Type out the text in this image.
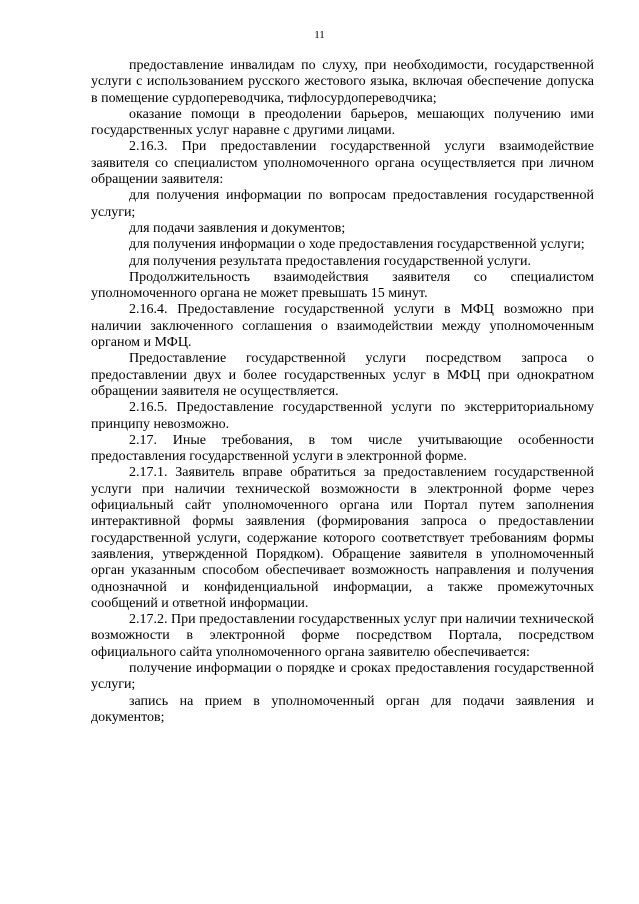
11

предоставление инвалидам по слуху, при необходимости, государственной услуги с использованием русского жестового языка, включая обеспечение допуска в помещение сурдопереводчика, тифлосурдопереводчика;

оказание помощи в преодолении барьеров, мешающих получению ими государственных услуг наравне с другими лицами.

2.16.3. При предоставлении государственной услуги взаимодействие заявителя со специалистом уполномоченного органа осуществляется при личном обращении заявителя:

для получения информации по вопросам предоставления государственной услуги;

для подачи заявления и документов;

для получения информации о ходе предоставления государственной услуги;

для получения результата предоставления государственной услуги.

Продолжительность взаимодействия заявителя со специалистом уполномоченного органа не может превышать 15 минут.

2.16.4. Предоставление государственной услуги в МФЦ возможно при наличии заключенного соглашения о взаимодействии между уполномоченным органом и МФЦ.

Предоставление государственной услуги посредством запроса о предоставлении двух и более государственных услуг в МФЦ при однократном обращении заявителя не осуществляется.

2.16.5. Предоставление государственной услуги по экстерриториальному принципу невозможно.

2.17. Иные требования, в том числе учитывающие особенности предоставления государственной услуги в электронной форме.

2.17.1. Заявитель вправе обратиться за предоставлением государственной услуги при наличии технической возможности в электронной форме через официальный сайт уполномоченного органа или Портал путем заполнения интерактивной формы заявления (формирования запроса о предоставлении государственной услуги, содержание которого соответствует требованиям формы заявления, утвержденной Порядком). Обращение заявителя в уполномоченный орган указанным способом обеспечивает возможность направления и получения однозначной и конфиденциальной информации, а также промежуточных сообщений и ответной информации.

2.17.2. При предоставлении государственных услуг при наличии технической возможности в электронной форме посредством Портала, посредством официального сайта уполномоченного органа заявителю обеспечивается:

получение информации о порядке и сроках предоставления государственной услуги;

запись на прием в уполномоченный орган для подачи заявления и документов;
